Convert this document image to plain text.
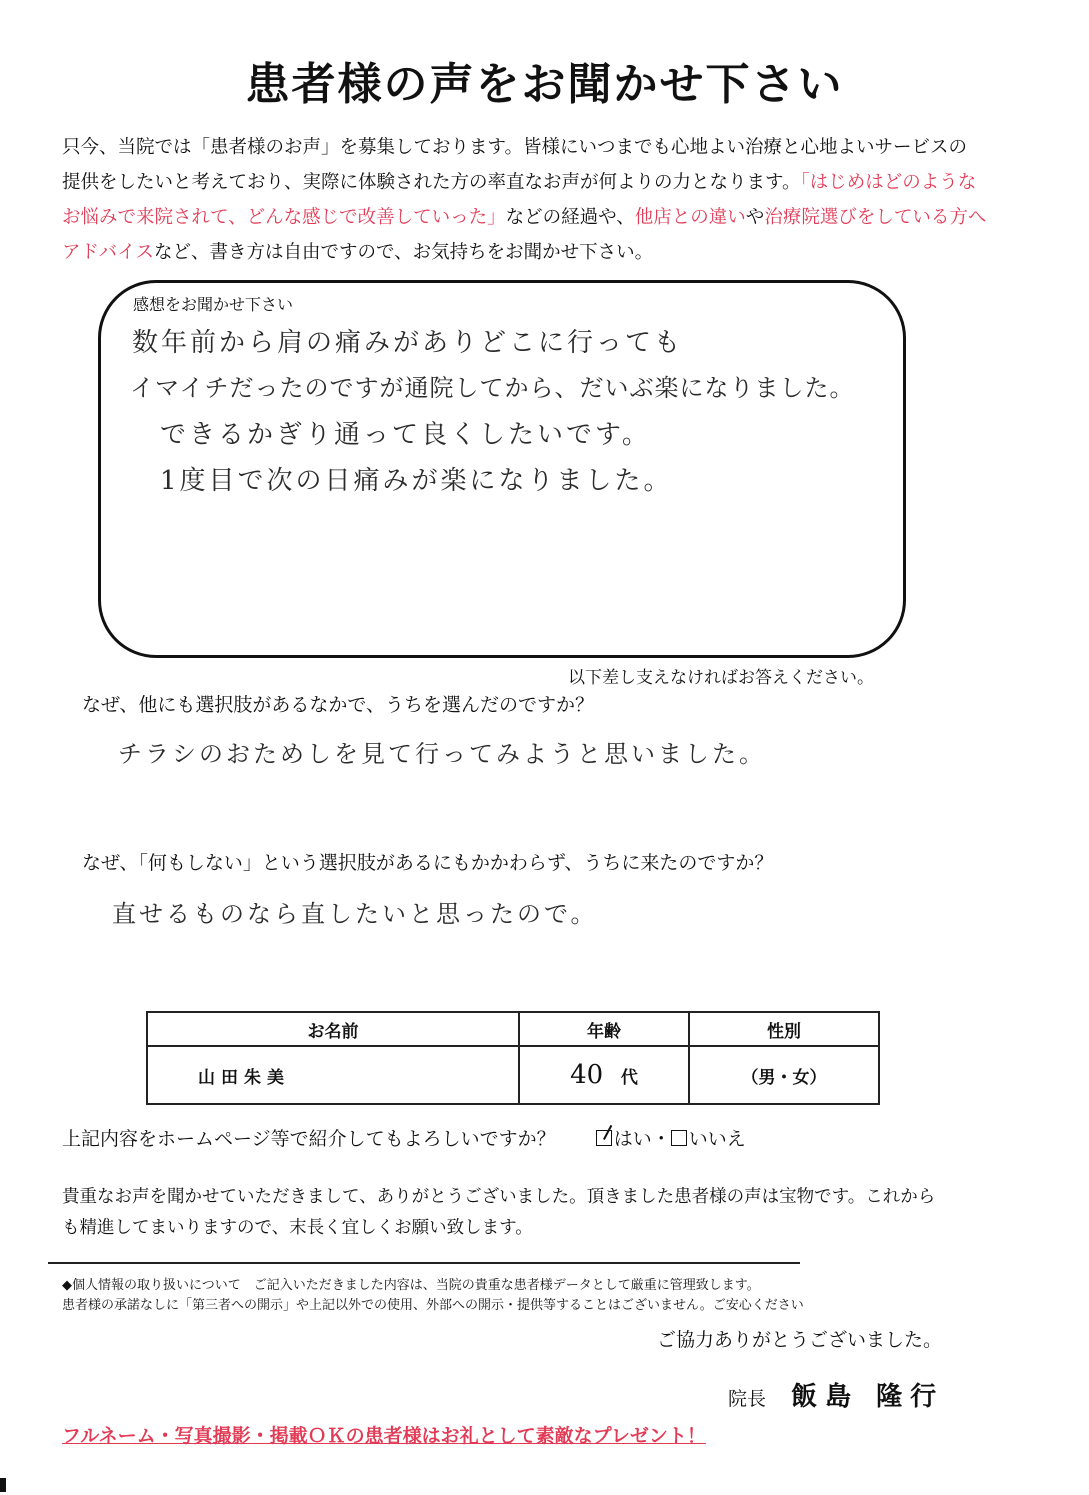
患者様の声をお聞かせ下さい
只今、当院では「患者様のお声」を募集しております。皆様にいつまでも心地よい治療と心地よいサービスの
提供をしたいと考えており、実際に体験された方の率直なお声が何よりの力となります。「はじめはどのような
お悩みで来院されて、どんな感じで改善していった」などの経過や、他店との違いや治療院選びをしている方へ
アドバイスなど、書き方は自由ですので、お気持ちをお聞かせ下さい。
感想をお聞かせ下さい
数年前から肩の痛みがありどこに行っても
イマイチだったのですが通院してから、だいぶ楽になりました。
できるかぎり通って良くしたいです。
1度目で次の日痛みが楽になりました。
以下差し支えなければお答えください。
なぜ、他にも選択肢があるなかで、うちを選んだのですか？
チラシのおためしを見て行ってみようと思いました。
なぜ、「何もしない」という選択肢があるにもかかわらず、うちに来たのですか？
直せるものなら直したいと思ったので。
お名前	年齢	性別
山田朱美	40 代	（男・女）
上記内容をホームページ等で紹介してもよろしいですか？	はい・ いいえ
貴重なお声を聞かせていただきまして、ありがとうございました。頂きました患者様の声は宝物です。これから
も精進してまいりますので、末長く宜しくお願い致します。
◆個人情報の取り扱いについて　ご記入いただきました内容は、当院の貴重な患者様データとして厳重に管理致します。
患者様の承諾なしに「第三者への開示」や上記以外での使用、外部への開示・提供等することはございません。ご安心ください
ご協力ありがとうございました。
院長 飯島 隆行
フルネーム・写真撮影・掲載ＯＫの患者様はお礼として素敵なプレゼント！
